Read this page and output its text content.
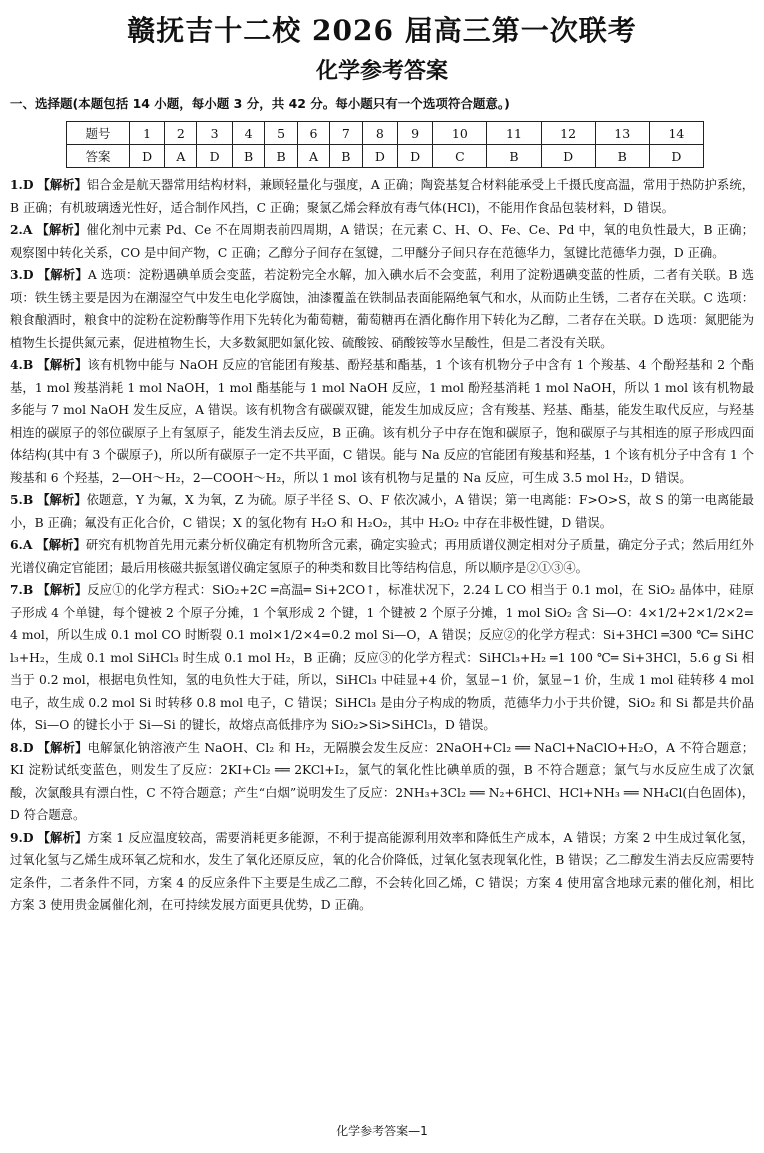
赣抚吉十二校 2026 届高三第一次联考
化学参考答案
一、选择题(本题包括 14 小题，每小题 3 分，共 42 分。每小题只有一个选项符合题意。)
题号	1	2	3	4	5	6	7	8	9	10	11	12	13	14
答案	D	A	D	B	B	A	B	D	D	C	B	D	B	D
1.D 【解析】铝合金是航天器常用结构材料，兼顾轻量化与强度，A 正确；陶瓷基复合材料能承受上千摄氏度高温，常用于热防护系统，B 正确；有机玻璃透光性好，适合制作风挡，C 正确；聚氯乙烯会释放有毒气体(HCl)，不能用作食品包装材料，D 错误。
2.A 【解析】催化剂中元素 Pd、Ce 不在周期表前四周期，A 错误；在元素 C、H、O、Fe、Ce、Pd 中，氧的电负性最大，B 正确；观察图中转化关系，CO 是中间产物，C 正确；乙醇分子间存在氢键，二甲醚分子间只存在范德华力，氢键比范德华力强，D 正确。
3.D 【解析】A 选项：淀粉遇碘单质会变蓝，若淀粉完全水解，加入碘水后不会变蓝，利用了淀粉遇碘变蓝的性质，二者有关联。B 选项：铁生锈主要是因为在潮湿空气中发生电化学腐蚀，油漆覆盖在铁制品表面能隔绝氧气和水，从而防止生锈，二者存在关联。C 选项：粮食酿酒时，粮食中的淀粉在淀粉酶等作用下先转化为葡萄糖，葡萄糖再在酒化酶作用下转化为乙醇，二者存在关联。D 选项：氮肥能为植物生长提供氮元素，促进植物生长，大多数氮肥如氯化铵、硫酸铵、硝酸铵等水呈酸性，但是二者没有关联。
4.B 【解析】该有机物中能与 NaOH 反应的官能团有羧基、酚羟基和酯基，1 个该有机物分子中含有 1 个羧基、4 个酚羟基和 2 个酯基，1 mol 羧基消耗 1 mol NaOH，1 mol 酯基能与 1 mol NaOH 反应，1 mol 酚羟基消耗 1 mol NaOH，所以 1 mol 该有机物最多能与 7 mol NaOH 发生反应，A 错误。该有机物含有碳碳双键，能发生加成反应；含有羧基、羟基、酯基，能发生取代反应，与羟基相连的碳原子的邻位碳原子上有氢原子，能发生消去反应，B 正确。该有机分子中存在饱和碳原子，饱和碳原子与其相连的原子形成四面体结构(其中有 3 个碳原子)，所以所有碳原子一定不共平面，C 错误。能与 Na 反应的官能团有羧基和羟基，1 个该有机分子中含有 1 个羧基和 6 个羟基，2—OH～H₂，2—COOH～H₂，所以 1 mol 该有机物与足量的 Na 反应，可生成 3.5 mol H₂，D 错误。
5.B 【解析】依题意，Y 为氟，X 为氧，Z 为硫。原子半径 S、O、F 依次减小，A 错误；第一电离能：F>O>S，故 S 的第一电离能最小，B 正确；氟没有正化合价，C 错误；X 的氢化物有 H₂O 和 H₂O₂，其中 H₂O₂ 中存在非极性键，D 错误。
6.A 【解析】研究有机物首先用元素分析仪确定有机物所含元素，确定实验式；再用质谱仪测定相对分子质量，确定分子式；然后用红外光谱仪确定官能团；最后用核磁共振氢谱仪确定氢原子的种类和数目比等结构信息，所以顺序是②①③④。
7.B 【解析】反应①的化学方程式：SiO₂+2C ═高温═ Si+2CO↑，标准状况下，2.24 L CO 相当于 0.1 mol，在 SiO₂ 晶体中，硅原子形成 4 个单键，每个键被 2 个原子分摊，1 个氧形成 2 个键，1 个键被 2 个原子分摊，1 mol SiO₂ 含 Si—O：4×1/2+2×1/2×2=4 mol，所以生成 0.1 mol CO 时断裂 0.1 mol×1/2×4=0.2 mol Si—O，A 错误；反应②的化学方程式：Si+3HCl ═300 ℃═ SiHCl₃+H₂，生成 0.1 mol SiHCl₃ 时生成 0.1 mol H₂，B 正确；反应③的化学方程式：SiHCl₃+H₂ ═1 100 ℃═ Si+3HCl，5.6 g Si 相当于 0.2 mol，根据电负性知，氢的电负性大于硅，所以，SiHCl₃ 中硅显+4 价，氢显−1 价，氯显−1 价，生成 1 mol 硅转移 4 mol 电子，故生成 0.2 mol Si 时转移 0.8 mol 电子，C 错误；SiHCl₃ 是由分子构成的物质，范德华力小于共价键，SiO₂ 和 Si 都是共价晶体，Si—O 的键长小于 Si—Si 的键长，故熔点高低排序为 SiO₂>Si>SiHCl₃，D 错误。
8.D 【解析】电解氯化钠溶液产生 NaOH、Cl₂ 和 H₂，无隔膜会发生反应：2NaOH+Cl₂ ══ NaCl+NaClO+H₂O，A 不符合题意；KI 淀粉试纸变蓝色，则发生了反应：2KI+Cl₂ ══ 2KCl+I₂，氯气的氧化性比碘单质的强，B 不符合题意；氯气与水反应生成了次氯酸，次氯酸具有漂白性，C 不符合题意；产生“白烟”说明发生了反应：2NH₃+3Cl₂ ══ N₂+6HCl、HCl+NH₃ ══ NH₄Cl(白色固体)，D 符合题意。
9.D 【解析】方案 1 反应温度较高，需要消耗更多能源，不利于提高能源利用效率和降低生产成本，A 错误；方案 2 中生成过氧化氢，过氧化氢与乙烯生成环氧乙烷和水，发生了氧化还原反应，氧的化合价降低，过氧化氢表现氧化性，B 错误；乙二醇发生消去反应需要特定条件，二者条件不同，方案 4 的反应条件下主要是生成乙二醇，不会转化回乙烯，C 错误；方案 4 使用富含地球元素的催化剂，相比方案 3 使用贵金属催化剂，在可持续发展方面更具优势，D 正确。
化学参考答案—1
